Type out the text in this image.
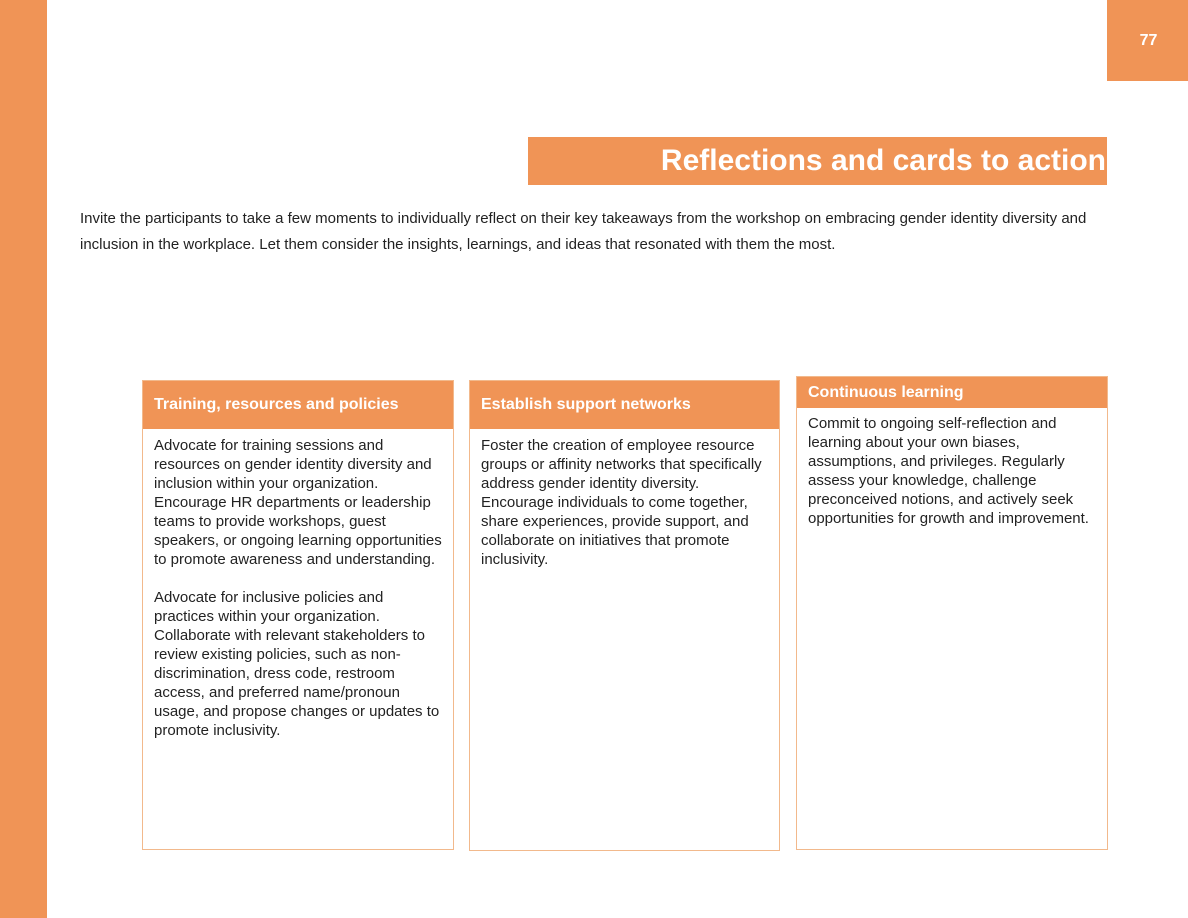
77
Reflections and cards to action

Invite the participants to take a few moments to individually reflect on their key takeaways from the workshop on embracing gender identity diversity and inclusion in the workplace. Let them consider the insights, learnings, and ideas that resonated with them the most.

Training, resources and policies

Advocate for training sessions and resources on gender identity diversity and inclusion within your organization. Encourage HR departments or leadership teams to provide workshops, guest speakers, or ongoing learning opportunities to promote awareness and understanding.

Advocate for inclusive policies and practices within your organization. Collaborate with relevant stakeholders to review existing policies, such as non-discrimination, dress code, restroom access, and preferred name/pronoun usage, and propose changes or updates to promote inclusivity.

Establish support networks

Foster the creation of employee resource groups or affinity networks that specifically address gender identity diversity. Encourage individuals to come together, share experiences, provide support, and collaborate on initiatives that promote inclusivity.

Continuous learning

Commit to ongoing self-reflection and learning about your own biases, assumptions, and privileges. Regularly assess your knowledge, challenge preconceived notions, and actively seek opportunities for growth and improvement.
